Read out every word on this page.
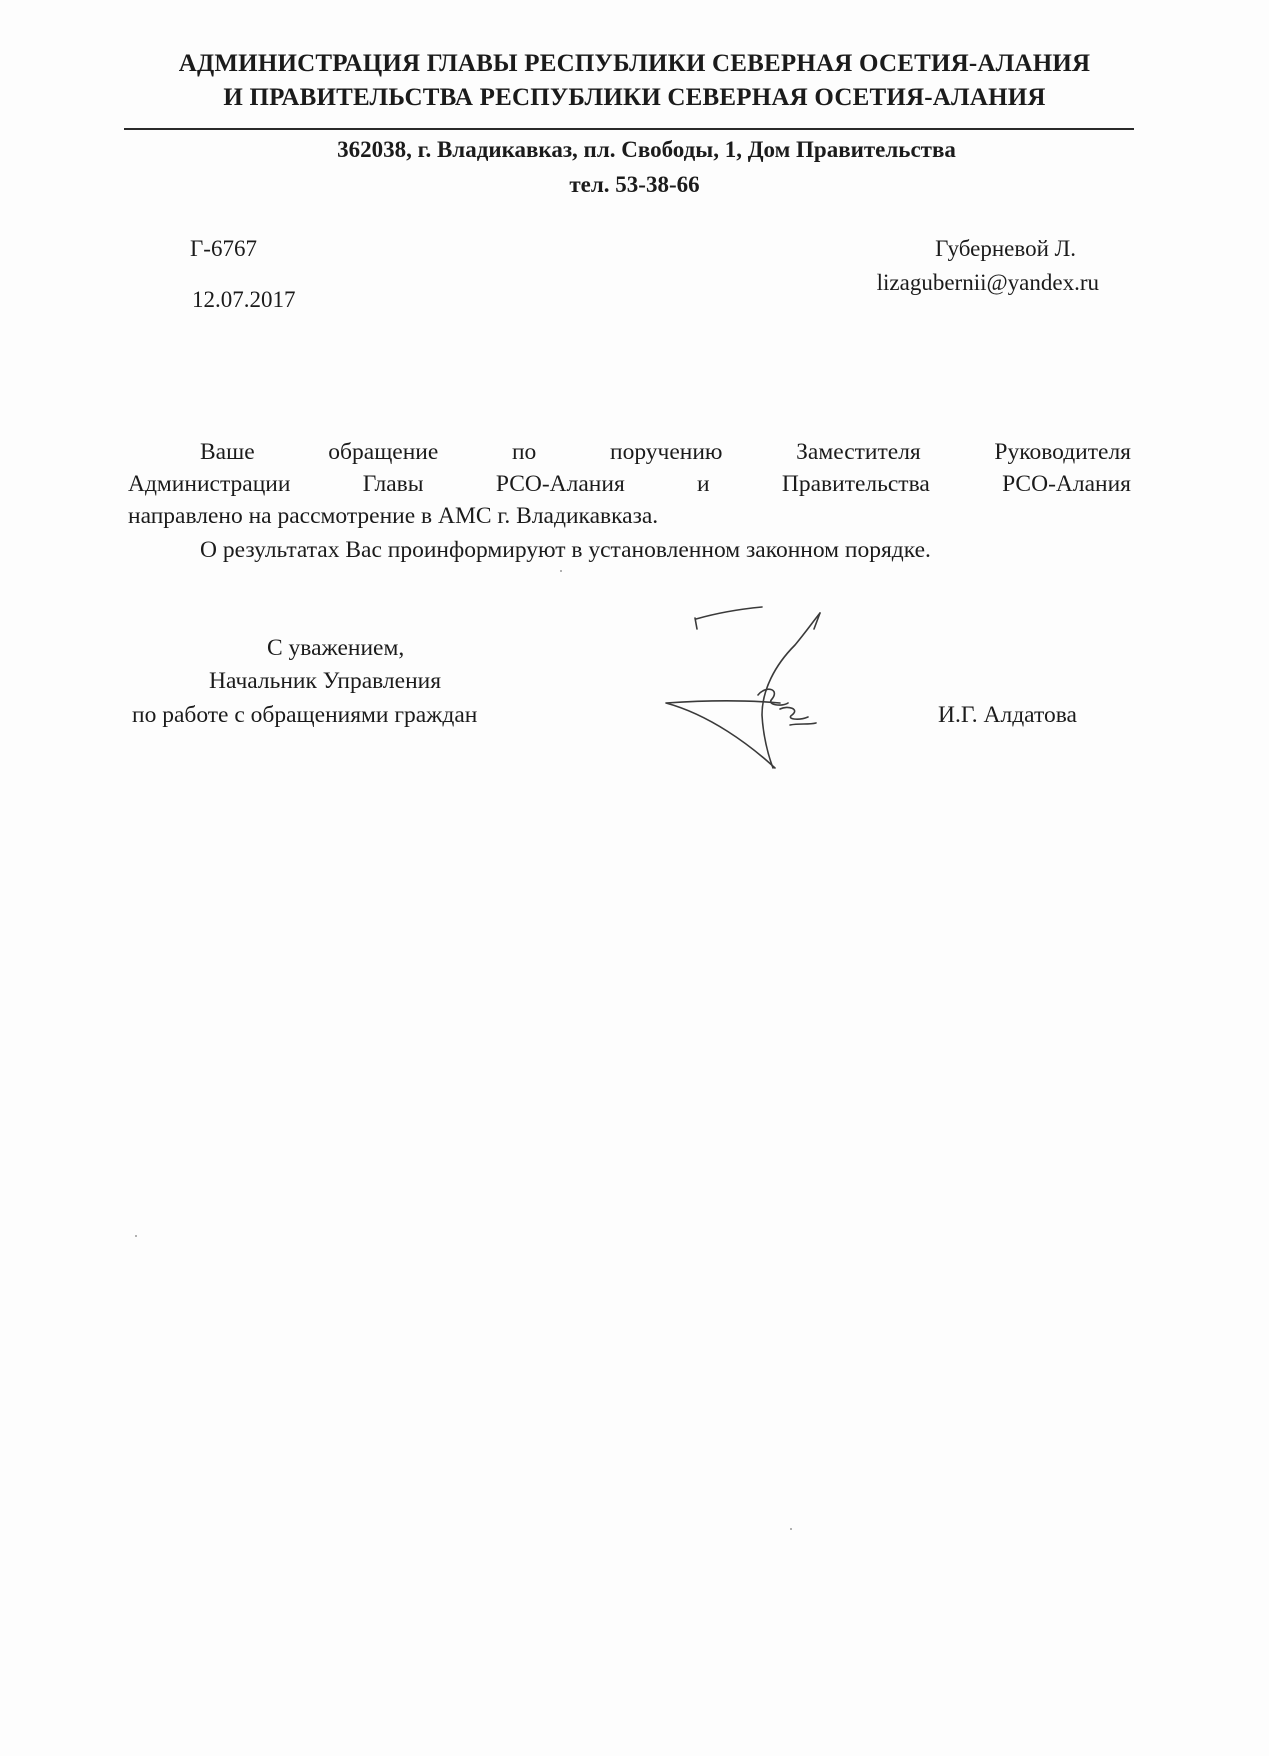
АДМИНИСТРАЦИЯ ГЛАВЫ РЕСПУБЛИКИ СЕВЕРНАЯ ОСЕТИЯ-АЛАНИЯ
И ПРАВИТЕЛЬСТВА РЕСПУБЛИКИ СЕВЕРНАЯ ОСЕТИЯ-АЛАНИЯ
362038, г. Владикавказ, пл. Свободы, 1, Дом Правительства
тел. 53-38-66
Г-6767
12.07.2017
Губерневой Л.
lizagubernii@yandex.ru
Ваше обращение по поручению Заместителя Руководителя
Администрации Главы РСО-Алания и Правительства РСО-Алания
направлено на рассмотрение в АМС г. Владикавказа.
О результатах Вас проинформируют в установленном законном порядке.
С уважением,
Начальник Управления
по работе с обращениями граждан	И.Г. Алдатова
